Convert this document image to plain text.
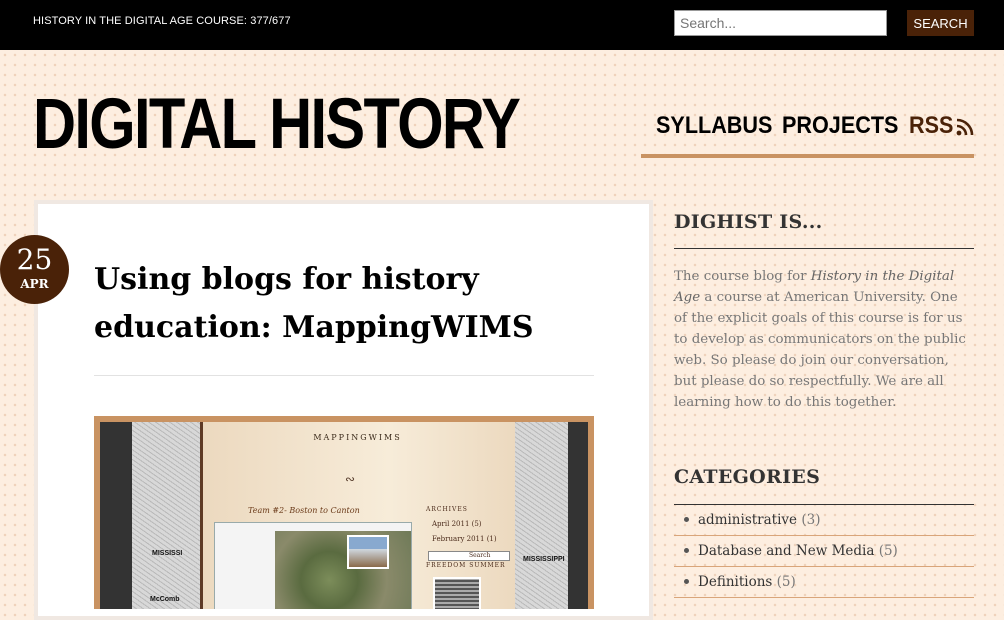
HISTORY IN THE DIGITAL AGE COURSE: 377/677
Search...	SEARCH
DIGITAL HISTORY	SYLLABUS PROJECTS RSS
25
APR	Using blogs for history education: MappingWIMS
MISSISSI
McComb
MAPPINGWIMS
∾
Team #2- Boston to Canton	ARCHIVES
April 2011 (5)
February 2011 (1)
Search
FREEDOM SUMMER
MISSISSIPPI
DIGHIST IS...

The course blog for History in the Digital Age a course at American University. One of the explicit goals of this course is for us to develop as communicators on the public web. So please do join our conversation, but please do so respectfully. We are all learning how to do this together.

CATEGORIES
administrative (3)
Database and New Media (5)
Definitions (5)
